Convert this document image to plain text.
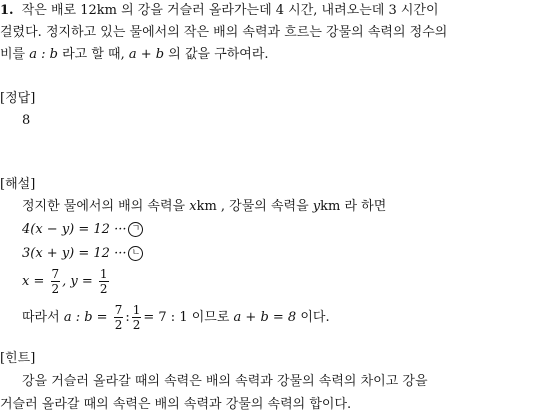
1. 작은 배로 12km 의 강을 거슬러 올라가는데 4 시간, 내려오는데 3 시간이
걸렸다. 정지하고 있는 물에서의 작은 배의 속력과 흐르는 강물의 속력의 정수의
비를 a : b 라고 할 때, a + b 의 값을 구하여라.
[정답]
8
[해설]
정지한 물에서의 배의 속력을 xkm , 강물의 속력을 ykm 라 하면
4(x − y) = 12 ··· ㄱ
3(x + y) = 12 ··· ㄴ
$x = \frac{7}{2}$ , $y = \frac{1}{2}$
따라서 a : $b = \frac{7}{2}$ : $\frac{1}{2} = 7$ : 1 이므로 a + b = 8 이다.
[힌트]
강을 거슬러 올라갈 때의 속력은 배의 속력과 강물의 속력의 차이고 강을
거슬러 올라갈 때의 속력은 배의 속력과 강물의 속력의 합이다.
